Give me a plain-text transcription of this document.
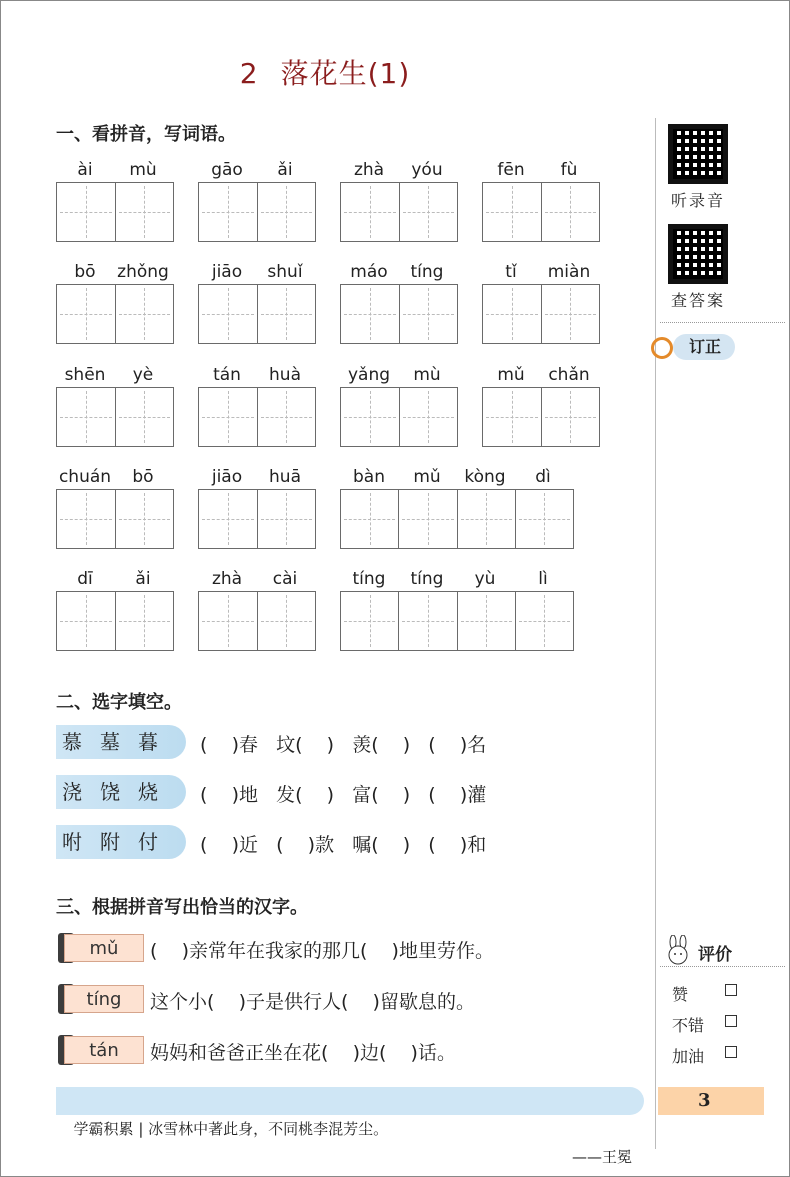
2 落花生(1)
一、看拼音，写词语。
ài	mù	gāo	ǎi	zhà	yóu	fēn	fù
bō	zhǒng	jiāo	shuǐ	máo	tíng	tǐ	miàn
shēn	yè	tán	huà	yǎng	mù	mǔ	chǎn
chuán	bō	jiāo	huā	bàn	mǔ	kòng	dì
dī	ǎi	zhà	cài	tíng	tíng	yù	lì
二、选字填空。
慕墓暮	(    )春   坟(    )   羡(    )   (    )名
浇饶烧	(    )地   发(    )   富(    )   (    )灌
咐附付	(    )近   (    )款   嘱(    )   (    )和
三、根据拼音写出恰当的汉字。
mǔ	(    )亲常年在我家的那几(    )地里劳作。
tíng	这个小(    )子是供行人(    )留歇息的。
tán	妈妈和爸爸正坐在花(    )边(    )话。
听录音
查答案
订正
评价
赞
不错
加油

学霸积累 | 冰雪林中著此身，不同桃李混芳尘。

——王冕

3
